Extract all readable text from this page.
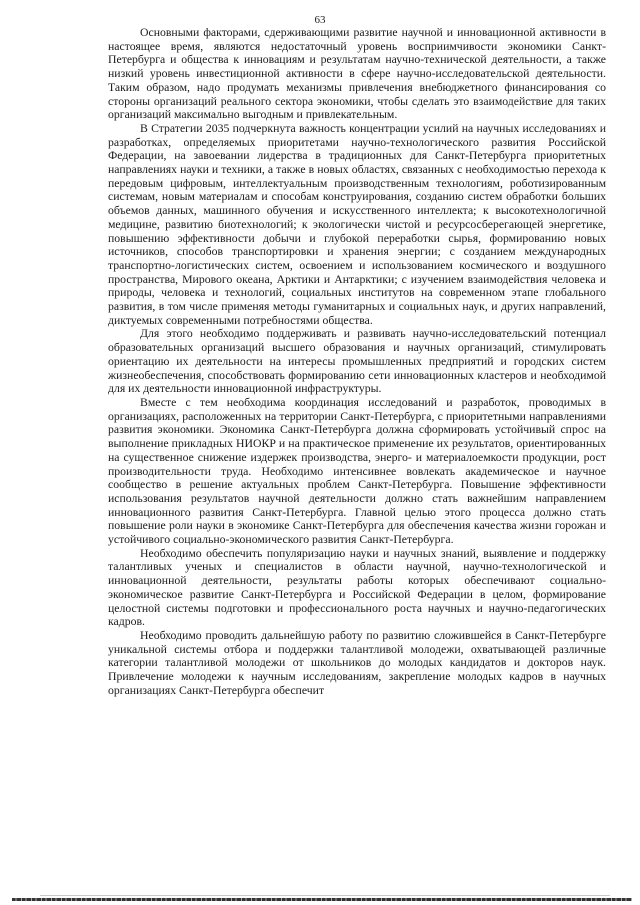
63

Основными факторами, сдерживающими развитие научной и инновационной активности в настоящее время, являются недостаточный уровень восприимчивости экономики Санкт-Петербурга и общества к инновациям и результатам научно-технической деятельности, а также низкий уровень инвестиционной активности в сфере научно-исследовательской деятельности. Таким образом, надо продумать механизмы привлечения внебюджетного финансирования со стороны организаций реального сектора экономики, чтобы сделать это взаимодействие для таких организаций максимально выгодным и привлекательным.

В Стратегии 2035 подчеркнута важность концентрации усилий на научных исследованиях и разработках, определяемых приоритетами научно-технологического развития Российской Федерации, на завоевании лидерства в традиционных для Санкт-Петербурга приоритетных направлениях науки и техники, а также в новых областях, связанных с необходимостью перехода к передовым цифровым, интеллектуальным производственным технологиям, роботизированным системам, новым материалам и способам конструирования, созданию систем обработки больших объемов данных, машинного обучения и искусственного интеллекта; к высокотехнологичной медицине, развитию биотехнологий; к экологически чистой и ресурсосберегающей энергетике, повышению эффективности добычи и глубокой переработки сырья, формированию новых источников, способов транспортировки и хранения энергии; с созданием международных транспортно-логистических систем, освоением и использованием космического и воздушного пространства, Мирового океана, Арктики и Антарктики; с изучением взаимодействия человека и природы, человека и технологий, социальных институтов на современном этапе глобального развития, в том числе применяя методы гуманитарных и социальных наук, и других направлений, диктуемых современными потребностями общества.

Для этого необходимо поддерживать и развивать научно-исследовательский потенциал образовательных организаций высшего образования и научных организаций, стимулировать ориентацию их деятельности на интересы промышленных предприятий и городских систем жизнеобеспечения, способствовать формированию сети инновационных кластеров и необходимой для их деятельности инновационной инфраструктуры.

Вместе с тем необходима координация исследований и разработок, проводимых в организациях, расположенных на территории Санкт-Петербурга, с приоритетными направлениями развития экономики. Экономика Санкт-Петербурга должна сформировать устойчивый спрос на выполнение прикладных НИОКР и на практическое применение их результатов, ориентированных на существенное снижение издержек производства, энерго- и материалоемкости продукции, рост производительности труда. Необходимо интенсивнее вовлекать академическое и научное сообщество в решение актуальных проблем Санкт-Петербурга. Повышение эффективности использования результатов научной деятельности должно стать важнейшим направлением инновационного развития Санкт-Петербурга. Главной целью этого процесса должно стать повышение роли науки в экономике Санкт-Петербурга для обеспечения качества жизни горожан и устойчивого социально-экономического развития Санкт-Петербурга.

Необходимо обеспечить популяризацию науки и научных знаний, выявление и поддержку талантливых ученых и специалистов в области научной, научно-технологической и инновационной деятельности, результаты работы которых обеспечивают социально-экономическое развитие Санкт-Петербурга и Российской Федерации в целом, формирование целостной системы подготовки и профессионального роста научных и научно-педагогических кадров.

Необходимо проводить дальнейшую работу по развитию сложившейся в Санкт-Петербурге уникальной системы отбора и поддержки талантливой молодежи, охватывающей различные категории талантливой молодежи от школьников до молодых кандидатов и докторов наук. Привлечение молодежи к научным исследованиям, закрепление молодых кадров в научных организациях Санкт-Петербурга обеспечит
